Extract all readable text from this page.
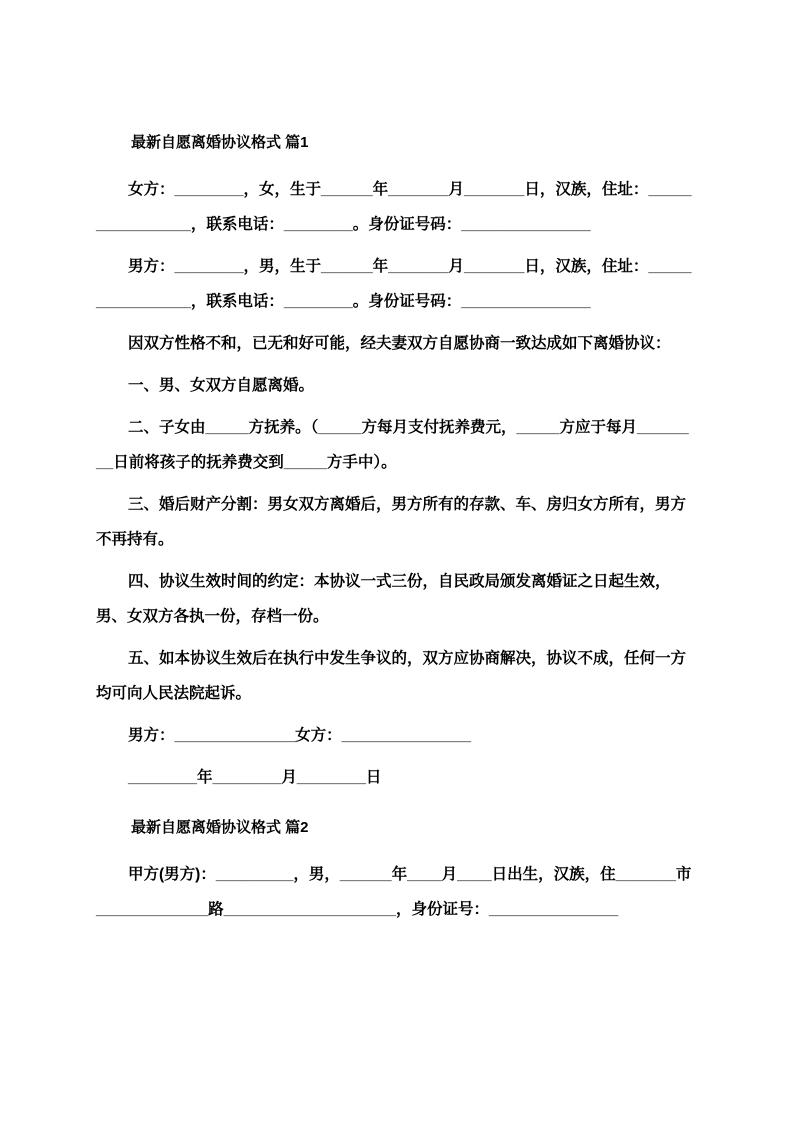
最新自愿离婚协议格式 篇1

女方：________，女，生于______年_______月_______日，汉族，住址：________________，联系电话：________。身份证号码：_______________

男方：________，男，生于______年_______月_______日，汉族，住址：________________，联系电话：________。身份证号码：_______________

因双方性格不和，已无和好可能，经夫妻双方自愿协商一致达成如下离婚协议：

一、男、女双方自愿离婚。

二、子女由_____方抚养。（_____方每月支付抚养费元，_____方应于每月________日前将孩子的抚养费交到_____方手中）。

三、婚后财产分割：男女双方离婚后，男方所有的存款、车、房归女方所有，男方不再持有。

四、协议生效时间的约定：本协议一式三份，自民政局颁发离婚证之日起生效，男、女双方各执一份，存档一份。

五、如本协议生效后在执行中发生争议的，双方应协商解决，协议不成，任何一方均可向人民法院起诉。

男方：______________女方：_______________

________年________月________日

最新自愿离婚协议格式 篇2

甲方(男方)：_________，男，______年____月____日出生，汉族，住_______市_____________路____________________，身份证号：_______________
